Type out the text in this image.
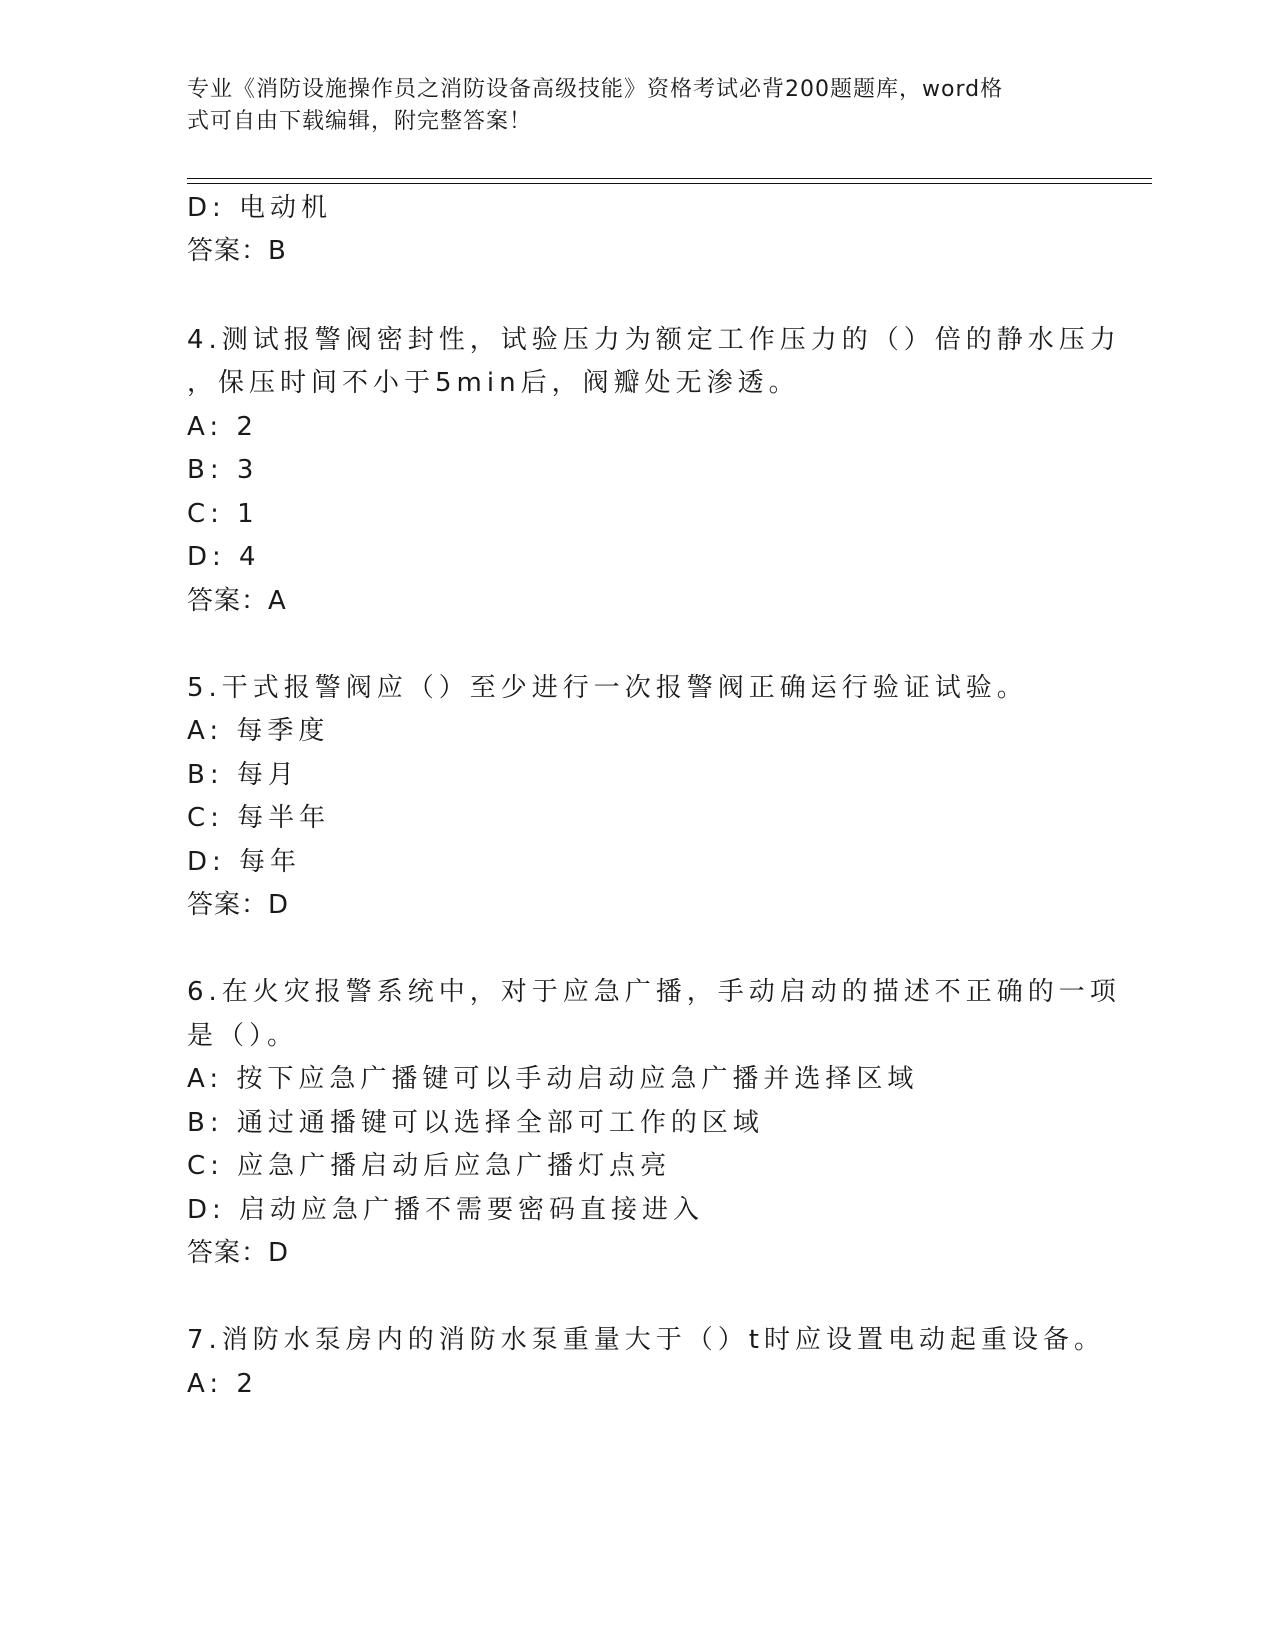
专业《消防设施操作员之消防设备高级技能》资格考试必背200题题库，word格
式可自由下载编辑，附完整答案！
D: 电动机
答案：B
4.测试报警阀密封性，试验压力为额定工作压力的（）倍的静水压力
，保压时间不小于5min后，阀瓣处无渗透。
A: 2
B: 3
C: 1
D: 4
答案：A
5.干式报警阀应（）至少进行一次报警阀正确运行验证试验。
A: 每季度
B: 每月
C: 每半年
D: 每年
答案：D
6.在火灾报警系统中，对于应急广播，手动启动的描述不正确的一项
是（）。
A: 按下应急广播键可以手动启动应急广播并选择区域
B: 通过通播键可以选择全部可工作的区域
C: 应急广播启动后应急广播灯点亮
D: 启动应急广播不需要密码直接进入
答案：D
7.消防水泵房内的消防水泵重量大于（）t时应设置电动起重设备。
A: 2
